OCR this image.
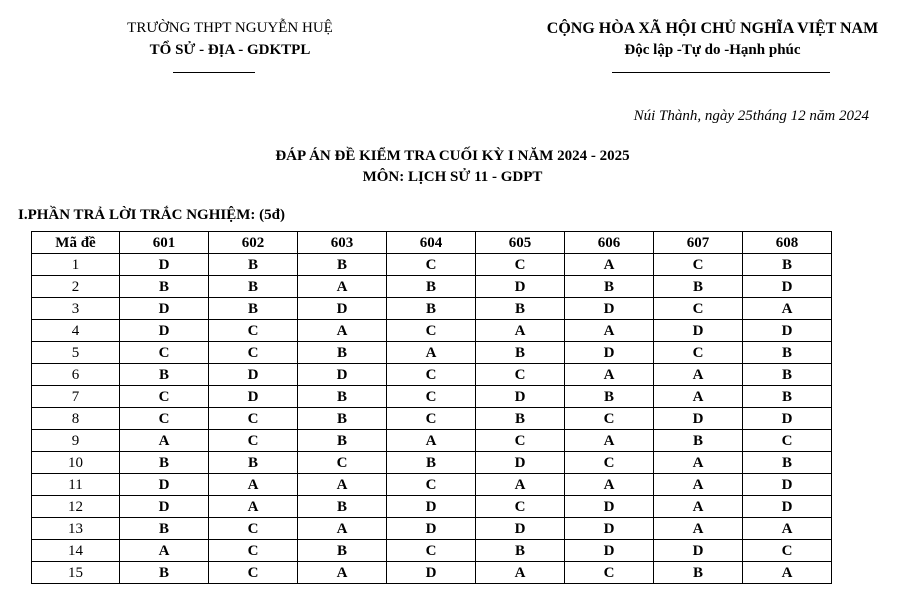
TRƯỜNG THPT NGUYỄN HUỆ
TỔ SỬ - ĐỊA - GDKTPL
CỘNG HÒA XÃ HỘI CHỦ NGHĨA VIỆT NAM
Độc lập -Tự do -Hạnh phúc
Núi Thành, ngày 25tháng 12 năm 2024
ĐÁP ÁN ĐỀ KIỂM TRA CUỐI KỲ I NĂM 2024 - 2025
MÔN: LỊCH SỬ 11 - GDPT
I.PHẦN TRẢ LỜI TRẮC NGHIỆM: (5đ)
Mã đề	601	602	603	604	605	606	607	608
1	D	B	B	C	C	A	C	B
2	B	B	A	B	D	B	B	D
3	D	B	D	B	B	D	C	A
4	D	C	A	C	A	A	D	D
5	C	C	B	A	B	D	C	B
6	B	D	D	C	C	A	A	B
7	C	D	B	C	D	B	A	B
8	C	C	B	C	B	C	D	D
9	A	C	B	A	C	A	B	C
10	B	B	C	B	D	C	A	B
11	D	A	A	C	A	A	A	D
12	D	A	B	D	C	D	A	D
13	B	C	A	D	D	D	A	A
14	A	C	B	C	B	D	D	C
15	B	C	A	D	A	C	B	A
